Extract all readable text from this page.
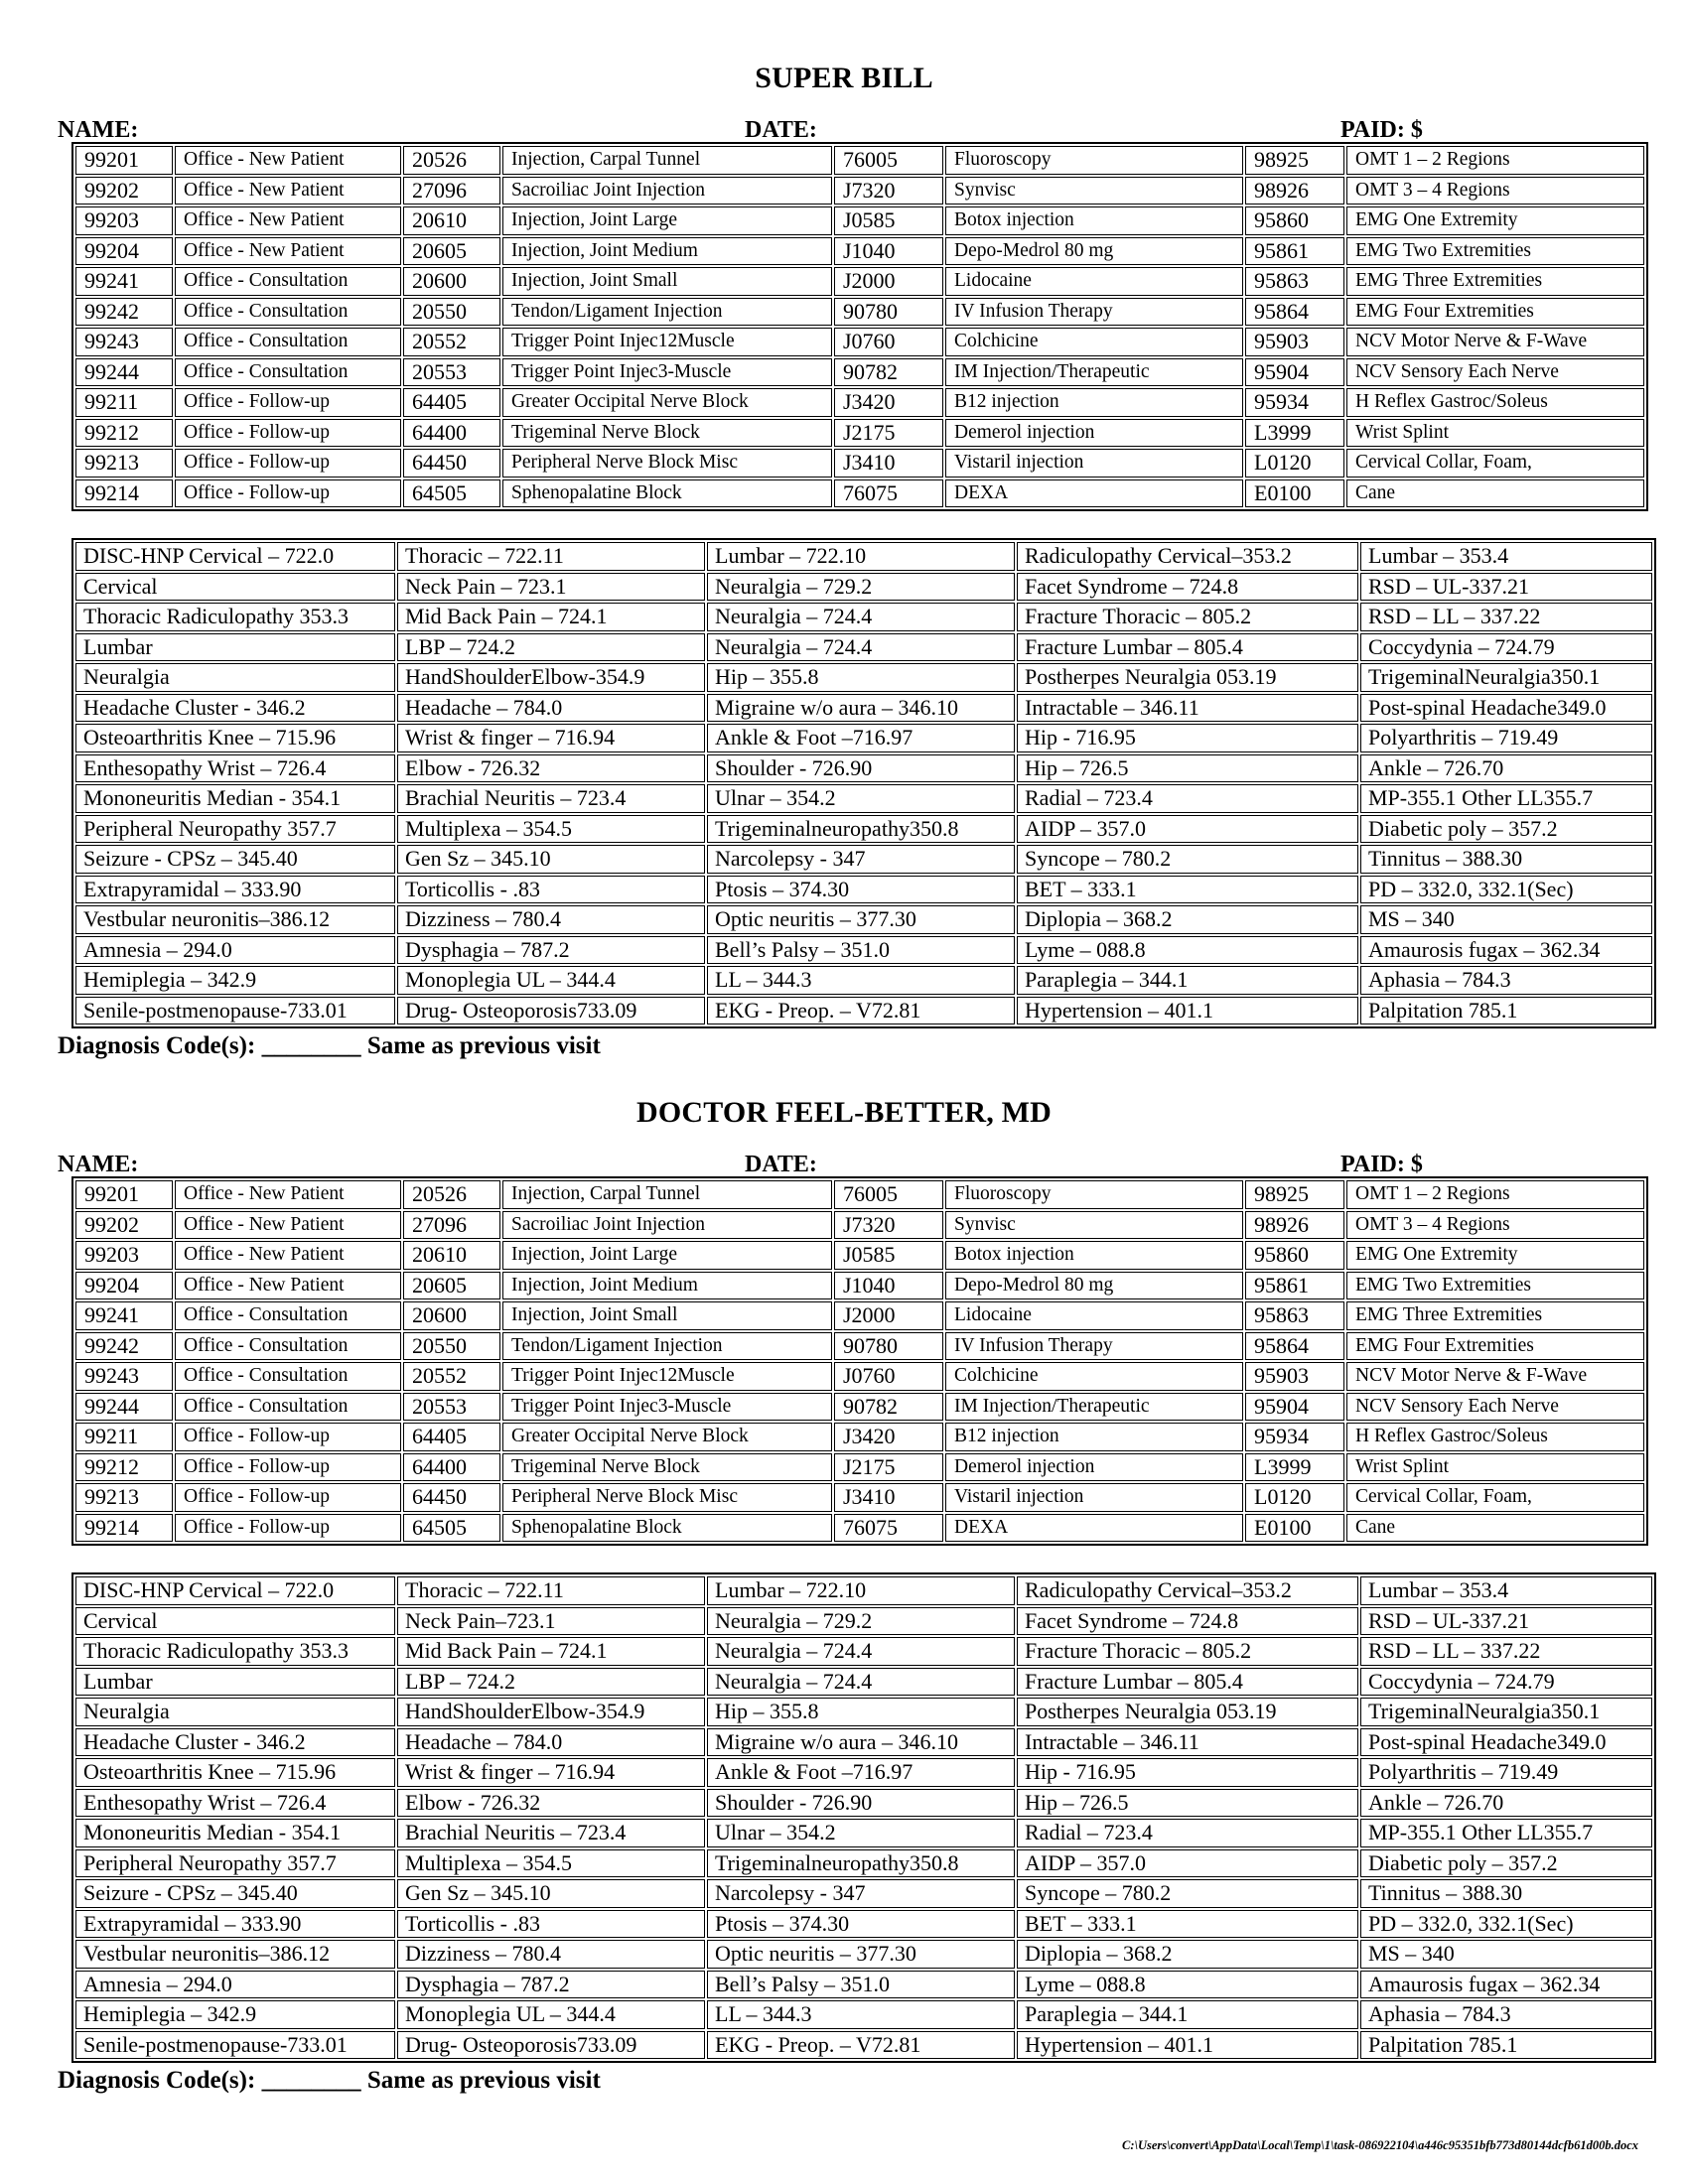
SUPER BILL
NAME:	DATE:	PAID: $
99201	Office - New Patient	20526	Injection, Carpal Tunnel	76005	Fluoroscopy	98925	OMT 1 – 2 Regions
99202	Office - New Patient	27096	Sacroiliac Joint Injection	J7320	Synvisc	98926	OMT 3 – 4 Regions
99203	Office - New Patient	20610	Injection, Joint Large	J0585	Botox injection	95860	EMG One Extremity
99204	Office - New Patient	20605	Injection, Joint Medium	J1040	Depo-Medrol 80 mg	95861	EMG Two Extremities
99241	Office - Consultation	20600	Injection, Joint Small	J2000	Lidocaine	95863	EMG Three Extremities
99242	Office - Consultation	20550	Tendon/Ligament Injection	90780	IV Infusion Therapy	95864	EMG Four Extremities
99243	Office - Consultation	20552	Trigger Point Injec12Muscle	J0760	Colchicine	95903	NCV Motor Nerve & F-Wave
99244	Office - Consultation	20553	Trigger Point Injec3-Muscle	90782	IM Injection/Therapeutic	95904	NCV Sensory Each Nerve
99211	Office - Follow-up	64405	Greater Occipital Nerve Block	J3420	B12 injection	95934	H Reflex Gastroc/Soleus
99212	Office - Follow-up	64400	Trigeminal Nerve Block	J2175	Demerol injection	L3999	Wrist Splint
99213	Office - Follow-up	64450	Peripheral Nerve Block Misc	J3410	Vistaril injection	L0120	Cervical Collar, Foam,
99214	Office - Follow-up	64505	Sphenopalatine Block	76075	DEXA	E0100	Cane
DISC-HNP Cervical – 722.0	Thoracic – 722.11	Lumbar – 722.10	Radiculopathy Cervical–353.2	Lumbar – 353.4
Cervical	Neck Pain – 723.1	Neuralgia – 729.2	Facet Syndrome – 724.8	RSD – UL-337.21
Thoracic Radiculopathy 353.3	Mid Back Pain – 724.1	Neuralgia – 724.4	Fracture Thoracic – 805.2	RSD – LL – 337.22
Lumbar	LBP – 724.2	Neuralgia – 724.4	Fracture Lumbar – 805.4	Coccydynia – 724.79
Neuralgia	HandShoulderElbow-354.9	Hip – 355.8	Postherpes Neuralgia 053.19	TrigeminalNeuralgia350.1
Headache Cluster - 346.2	Headache – 784.0	Migraine w/o aura – 346.10	Intractable – 346.11	Post-spinal Headache349.0
Osteoarthritis Knee – 715.96	Wrist & finger – 716.94	Ankle & Foot –716.97	Hip - 716.95	Polyarthritis – 719.49
Enthesopathy Wrist – 726.4	Elbow - 726.32	Shoulder - 726.90	Hip – 726.5	Ankle – 726.70
Mononeuritis Median - 354.1	Brachial Neuritis – 723.4	Ulnar – 354.2	Radial – 723.4	MP-355.1 Other LL355.7
Peripheral Neuropathy 357.7	Multiplexa – 354.5	Trigeminalneuropathy350.8	AIDP – 357.0	Diabetic poly – 357.2
Seizure - CPSz – 345.40	Gen Sz – 345.10	Narcolepsy - 347	Syncope – 780.2	Tinnitus – 388.30
Extrapyramidal – 333.90	Torticollis - .83	Ptosis – 374.30	BET – 333.1	PD – 332.0, 332.1(Sec)
Vestbular neuronitis–386.12	Dizziness – 780.4	Optic neuritis – 377.30	Diplopia – 368.2	MS – 340
Amnesia – 294.0	Dysphagia – 787.2	Bell’s Palsy – 351.0	Lyme – 088.8	Amaurosis fugax – 362.34
Hemiplegia – 342.9	Monoplegia UL – 344.4	LL – 344.3	Paraplegia – 344.1	Aphasia – 784.3
Senile-postmenopause-733.01	Drug- Osteoporosis733.09	EKG - Preop. – V72.81	Hypertension – 401.1	Palpitation 785.1
Diagnosis Code(s): ________ Same as previous visit
DOCTOR FEEL-BETTER, MD
NAME:	DATE:	PAID: $
99201	Office - New Patient	20526	Injection, Carpal Tunnel	76005	Fluoroscopy	98925	OMT 1 – 2 Regions
99202	Office - New Patient	27096	Sacroiliac Joint Injection	J7320	Synvisc	98926	OMT 3 – 4 Regions
99203	Office - New Patient	20610	Injection, Joint Large	J0585	Botox injection	95860	EMG One Extremity
99204	Office - New Patient	20605	Injection, Joint Medium	J1040	Depo-Medrol 80 mg	95861	EMG Two Extremities
99241	Office - Consultation	20600	Injection, Joint Small	J2000	Lidocaine	95863	EMG Three Extremities
99242	Office - Consultation	20550	Tendon/Ligament Injection	90780	IV Infusion Therapy	95864	EMG Four Extremities
99243	Office - Consultation	20552	Trigger Point Injec12Muscle	J0760	Colchicine	95903	NCV Motor Nerve & F-Wave
99244	Office - Consultation	20553	Trigger Point Injec3-Muscle	90782	IM Injection/Therapeutic	95904	NCV Sensory Each Nerve
99211	Office - Follow-up	64405	Greater Occipital Nerve Block	J3420	B12 injection	95934	H Reflex Gastroc/Soleus
99212	Office - Follow-up	64400	Trigeminal Nerve Block	J2175	Demerol injection	L3999	Wrist Splint
99213	Office - Follow-up	64450	Peripheral Nerve Block Misc	J3410	Vistaril injection	L0120	Cervical Collar, Foam,
99214	Office - Follow-up	64505	Sphenopalatine Block	76075	DEXA	E0100	Cane
DISC-HNP Cervical – 722.0	Thoracic – 722.11	Lumbar – 722.10	Radiculopathy Cervical–353.2	Lumbar – 353.4
Cervical	Neck Pain–723.1	Neuralgia – 729.2	Facet Syndrome – 724.8	RSD – UL-337.21
Thoracic Radiculopathy 353.3	Mid Back Pain – 724.1	Neuralgia – 724.4	Fracture Thoracic – 805.2	RSD – LL – 337.22
Lumbar	LBP – 724.2	Neuralgia – 724.4	Fracture Lumbar – 805.4	Coccydynia – 724.79
Neuralgia	HandShoulderElbow-354.9	Hip – 355.8	Postherpes Neuralgia 053.19	TrigeminalNeuralgia350.1
Headache Cluster - 346.2	Headache – 784.0	Migraine w/o aura – 346.10	Intractable – 346.11	Post-spinal Headache349.0
Osteoarthritis Knee – 715.96	Wrist & finger – 716.94	Ankle & Foot –716.97	Hip - 716.95	Polyarthritis – 719.49
Enthesopathy Wrist – 726.4	Elbow - 726.32	Shoulder - 726.90	Hip – 726.5	Ankle – 726.70
Mononeuritis Median - 354.1	Brachial Neuritis – 723.4	Ulnar – 354.2	Radial – 723.4	MP-355.1 Other LL355.7
Peripheral Neuropathy 357.7	Multiplexa – 354.5	Trigeminalneuropathy350.8	AIDP – 357.0	Diabetic poly – 357.2
Seizure - CPSz – 345.40	Gen Sz – 345.10	Narcolepsy - 347	Syncope – 780.2	Tinnitus – 388.30
Extrapyramidal – 333.90	Torticollis - .83	Ptosis – 374.30	BET – 333.1	PD – 332.0, 332.1(Sec)
Vestbular neuronitis–386.12	Dizziness – 780.4	Optic neuritis – 377.30	Diplopia – 368.2	MS – 340
Amnesia – 294.0	Dysphagia – 787.2	Bell’s Palsy – 351.0	Lyme – 088.8	Amaurosis fugax – 362.34
Hemiplegia – 342.9	Monoplegia UL – 344.4	LL – 344.3	Paraplegia – 344.1	Aphasia – 784.3
Senile-postmenopause-733.01	Drug- Osteoporosis733.09	EKG - Preop. – V72.81	Hypertension – 401.1	Palpitation 785.1
Diagnosis Code(s): ________ Same as previous visit
C:\Users\convert\AppData\Local\Temp\1\task-086922104\a446c95351bfb773d80144dcfb61d00b.docx
